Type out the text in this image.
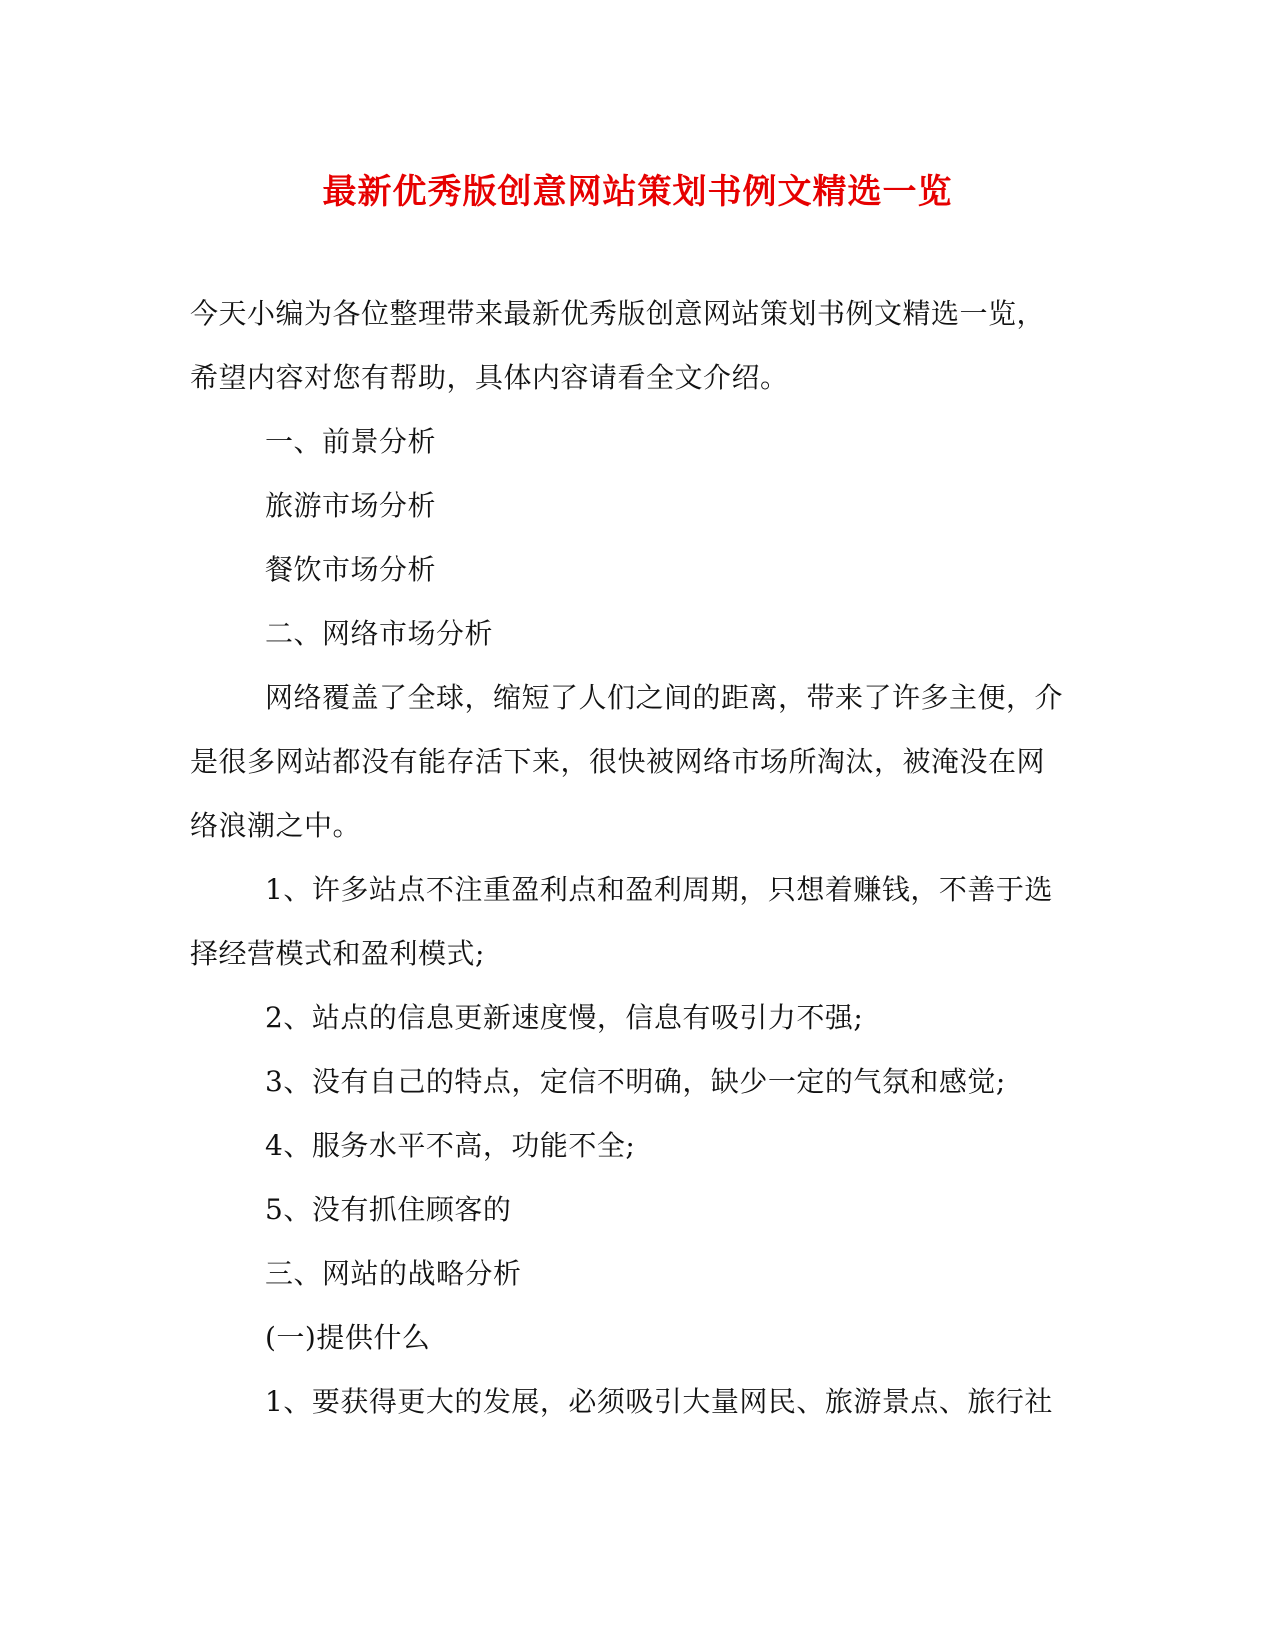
最新优秀版创意网站策划书例文精选一览

今天小编为各位整理带来最新优秀版创意网站策划书例文精选一览，

希望内容对您有帮助，具体内容请看全文介绍。

一、前景分析

旅游市场分析

餐饮市场分析

二、网络市场分析

网络覆盖了全球，缩短了人们之间的距离，带来了许多主便，介

是很多网站都没有能存活下来，很快被网络市场所淘汰，被淹没在网

络浪潮之中。

1、许多站点不注重盈利点和盈利周期，只想着赚钱，不善于选

择经营模式和盈利模式;

2、站点的信息更新速度慢，信息有吸引力不强;

3、没有自己的特点，定信不明确，缺少一定的气氛和感觉;

4、服务水平不高，功能不全;

5、没有抓住顾客的

三、网站的战略分析

(一)提供什么

1、要获得更大的发展，必须吸引大量网民、旅游景点、旅行社
